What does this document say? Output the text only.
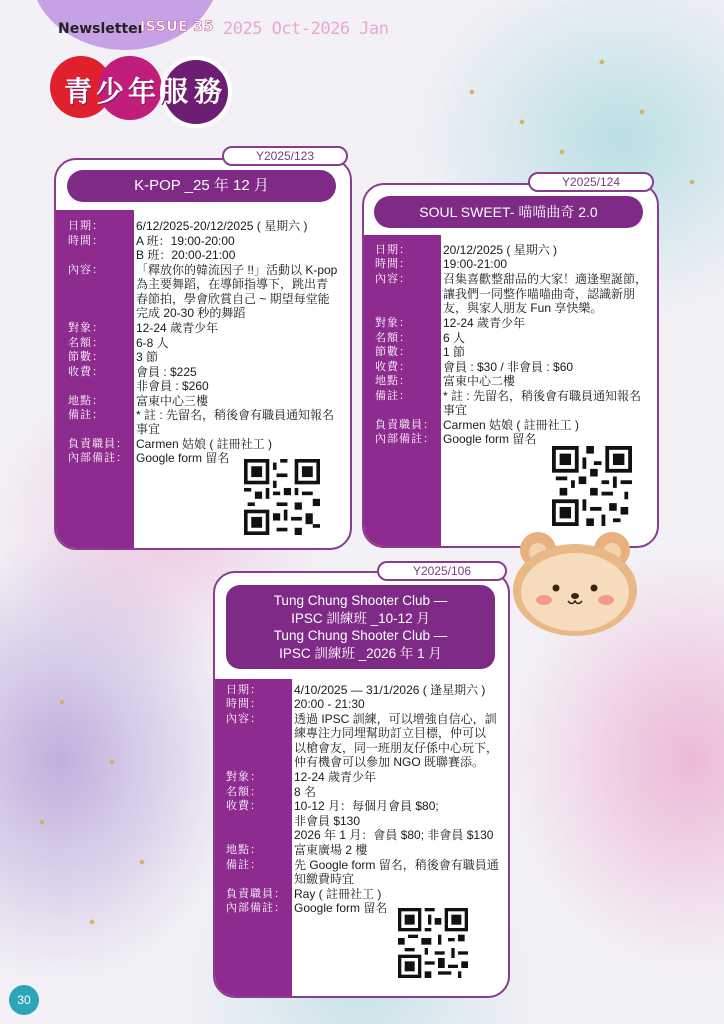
Newsletter
ISSUE 35 2025 Oct-2026 Jan
青 少 年 服 務
Y2025/123
K-POP _25 年 12 月
日期：
時間：
內容：
對象：
名額：
節數：
收費：
地點：
備註：
負責職員：
內部備註：
6/12/2025-20/12/2025 ( 星期六 )
A 班：19:00-20:00
B 班：20:00-21:00
「釋放你的韓流因子 !!」活動以 K-pop
為主要舞蹈，在導師指導下，跳出青
春節拍，學會欣賞自己 ~ 期望每堂能
完成 20-30 秒的舞蹈
12-24 歲青少年
6-8 人
3 節
會員 : $225
非會員 : $260
富東中心三樓
* 註 : 先留名，稍後會有職員通知報名
事宜
Carmen 姑娘 ( 註冊社工 )
Google form 留名
Y2025/124
SOUL SWEET- 喵喵曲奇 2.0
日期：
時間：
內容：
對象：
名額：
節數：
收費：
地點：
備註：
負責職員：
內部備註：
20/12/2025 ( 星期六 )
19:00-21:00
召集喜歡整甜品的大家！適逢聖誕節，
讓我們一同整作喵喵曲奇，認識新朋
友，與家人朋友 Fun 享快樂。
12-24 歲青少年
6 人
1 節
會員 : $30 / 非會員 : $60
富東中心二樓
* 註 : 先留名，稍後會有職員通知報名
事宜
Carmen 姑娘 ( 註冊社工 )
Google form 留名
Y2025/106
Tung Chung Shooter Club —
IPSC 訓練班 _10-12 月
Tung Chung Shooter Club —
IPSC 訓練班 _2026 年 1 月
日期：
時間：
內容：
對象：
名額：
收費：
地點：
備註：
負責職員：
內部備註：
4/10/2025 — 31/1/2026 ( 逢星期六 )
20:00 - 21:30
透過 IPSC 訓練，可以增強自信心，訓
練專注力同埋幫助訂立目標，仲可以
以槍會友，同一班朋友仔係中心玩下，
仲有機會可以參加 NGO 既聯賽添。
12-24 歲青少年
8 名
10-12 月：每個月會員 $80;
非會員 $130
2026 年 1 月：會員 $80; 非會員 $130
富東廣場 2 樓
先 Google form 留名，稍後會有職員通
知繳費時宜
Ray ( 註冊社工 )
Google form 留名
30
